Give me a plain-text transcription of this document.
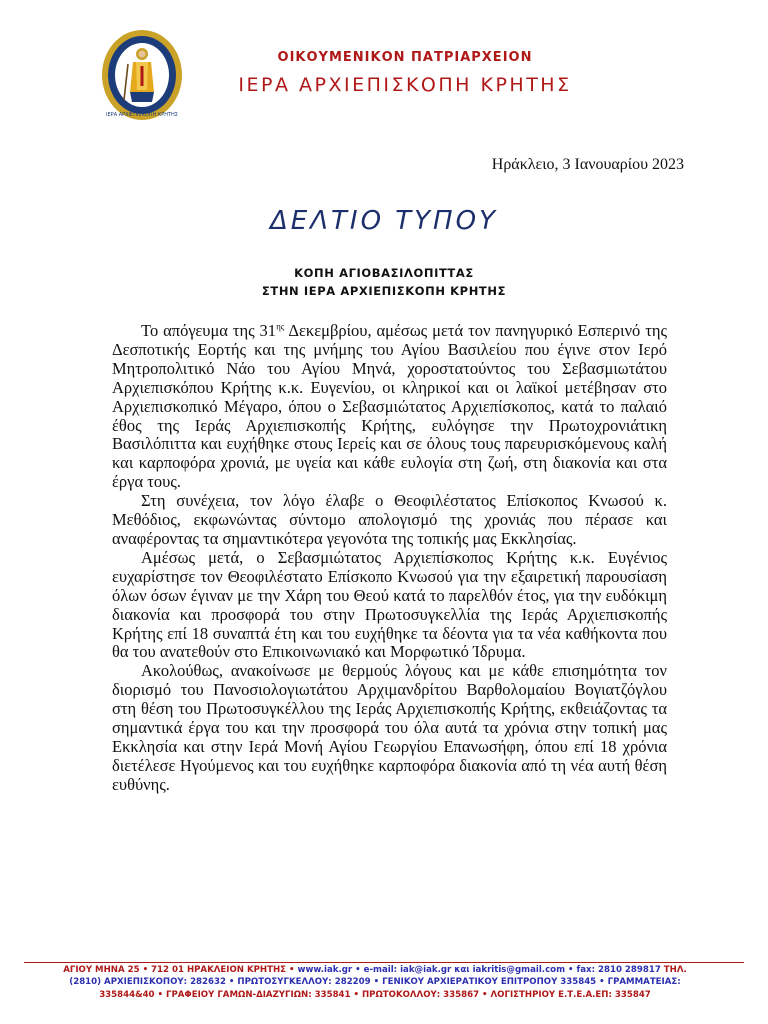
ΙΕΡΑ ΑΡΧΙΕΠΙΣΚΟΠΗ ΚΡΗΤΗΣ
ΟΙΚΟΥΜΕΝΙΚΟΝ ΠΑΤΡΙΑΡΧΕΙΟΝ
ΙΕΡΑ ΑΡΧΙΕΠΙΣΚΟΠΗ ΚΡΗΤΗΣ
Ηράκλειο, 3 Ιανουαρίου 2023
ΔΕΛΤΙΟ ΤΥΠΟΥ
ΚΟΠΗ ΑΓΙΟΒΑΣΙΛΟΠΙΤΤΑΣ
ΣΤΗΝ ΙΕΡΑ ΑΡΧΙΕΠΙΣΚΟΠΗ ΚΡΗΤΗΣ

Το απόγευμα της $31^{\eta\varsigma}$ Δεκεμβρίου, αμέσως μετά τον πανηγυρικό Εσπερινό της Δεσποτικής Εορτής και της μνήμης του Αγίου Βασιλείου που έγινε στον Ιερό Μητροπολιτικό Νάο του Αγίου Μηνά, χοροστατούντος του Σεβασμιωτάτου Αρχιεπισκόπου Κρήτης κ.κ. Ευγενίου, οι κληρικοί και οι λαϊκοί μετέβησαν στο Αρχιεπισκοπικό Μέγαρο, όπου ο Σεβασμιώτατος Αρχιεπίσκοπος, κατά το παλαιό έθος της Ιεράς Αρχιεπισκοπής Κρήτης, ευλόγησε την Πρωτοχρονιάτικη Βασιλόπιττα και ευχήθηκε στους Ιερείς και σε όλους τους παρευρισκόμενους καλή και καρποφόρα χρονιά, με υγεία και κάθε ευλογία στη ζωή, στη διακονία και στα έργα τους.

Στη συνέχεια, τον λόγο έλαβε ο Θεοφιλέστατος Επίσκοπος Κνωσού κ. Μεθόδιος, εκφωνώντας σύντομο απολογισμό της χρονιάς που πέρασε και αναφέροντας τα σημαντικότερα γεγονότα της τοπικής μας Εκκλησίας.

Αμέσως μετά, ο Σεβασμιώτατος Αρχιεπίσκοπος Κρήτης κ.κ. Ευγένιος ευχαρίστησε τον Θεοφιλέστατο Επίσκοπο Κνωσού για την εξαιρετική παρουσίαση όλων όσων έγιναν με την Χάρη του Θεού κατά το παρελθόν έτος, για την ευδόκιμη διακονία και προσφορά του στην Πρωτοσυγκελλία της Ιεράς Αρχιεπισκοπής Κρήτης επί 18 συναπτά έτη και του ευχήθηκε τα δέοντα για τα νέα καθήκοντα που θα του ανατεθούν στο Επικοινωνιακό και Μορφωτικό Ίδρυμα.

Ακολούθως, ανακοίνωσε με θερμούς λόγους και με κάθε επισημότητα τον διορισμό του Πανοσιολογιωτάτου Αρχιμανδρίτου Βαρθολομαίου Βογιατζόγλου στη θέση του Πρωτοσυγκέλλου της Ιεράς Αρχιεπισκοπής Κρήτης, εκθειάζοντας τα σημαντικά έργα του και την προσφορά του όλα αυτά τα χρόνια στην τοπική μας Εκκλησία και στην Ιερά Μονή Αγίου Γεωργίου Επανωσήφη, όπου επί 18 χρόνια διετέλεσε Ηγούμενος και του ευχήθηκε καρποφόρα διακονία από τη νέα αυτή θέση ευθύνης.

ΑΓΙΟΥ ΜΗΝΑ 25 • 712 01 ΗΡΑΚΛΕΙΟΝ ΚΡΗΤΗΣ • www.iak.gr • e-mail: iak@iak.gr και iakritis@gmail.com • fax: 2810 289817 ΤΗΛ.
(2810) ΑΡΧΙΕΠΙΣΚΟΠΟΥ: 282632 • ΠΡΩΤΟΣΥΓΚΕΛΛΟΥ: 282209 • ΓΕΝΙΚΟΥ ΑΡΧΙΕΡΑΤΙΚΟΥ ΕΠΙΤΡΟΠΟΥ 335845 • ΓΡΑΜΜΑΤΕΙΑΣ:
335844&40 • ΓΡΑΦΕΙΟΥ ΓΑΜΩΝ-ΔΙΑΖΥΓΙΩΝ: 335841 • ΠΡΩΤΟΚΟΛΛΟΥ: 335867 • ΛΟΓΙΣΤΗΡΙΟΥ Ε.Τ.Ε.Α.ΕΠ: 335847
